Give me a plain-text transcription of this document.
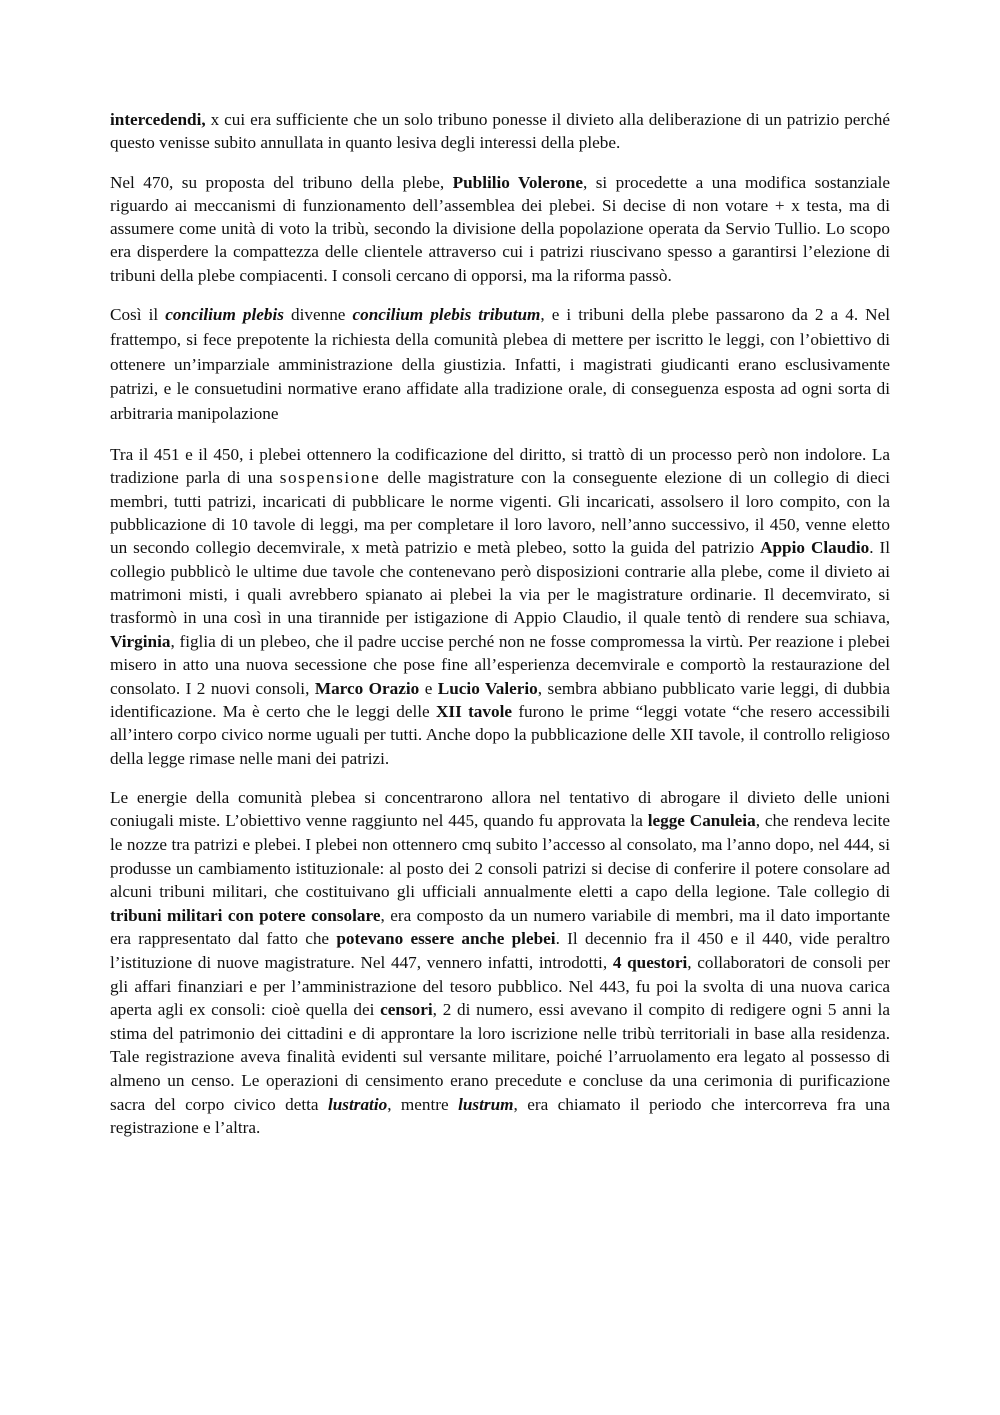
intercedendi, x cui era sufficiente che un solo tribuno ponesse il divieto alla deliberazione di un patrizio perché questo venisse subito annullata in quanto lesiva degli interessi della plebe.

Nel 470, su proposta del tribuno della plebe, Publilio Volerone, si procedette a una modifica sostanziale riguardo ai meccanismi di funzionamento dell’assemblea dei plebei. Si decise di non votare + x testa, ma di assumere come unità di voto la tribù, secondo la divisione della popolazione operata da Servio Tullio. Lo scopo era disperdere la compattezza delle clientele attraverso cui i patrizi riuscivano spesso a garantirsi l’elezione di tribuni della plebe compiacenti. I consoli cercano di opporsi, ma la riforma passò.

Così il concilium plebis divenne concilium plebis tributum, e i tribuni della plebe passarono da 2 a 4. Nel frattempo, si fece prepotente la richiesta della comunità plebea di mettere per iscritto le leggi, con l’obiettivo di ottenere un’imparziale amministrazione della giustizia. Infatti, i magistrati giudicanti erano esclusivamente patrizi, e le consuetudini normative erano affidate alla tradizione orale, di conseguenza esposta ad ogni sorta di arbitraria manipolazione

Tra il 451 e il 450, i plebei ottennero la codificazione del diritto, si trattò di un processo però non indolore. La tradizione parla di una sospensione delle magistrature con la conseguente elezione di un collegio di dieci membri, tutti patrizi, incaricati di pubblicare le norme vigenti. Gli incaricati, assolsero il loro compito, con la pubblicazione di 10 tavole di leggi, ma per completare il loro lavoro, nell’anno successivo, il 450, venne eletto un secondo collegio decemvirale, x metà patrizio e metà plebeo, sotto la guida del patrizio Appio Claudio. Il collegio pubblicò le ultime due tavole che contenevano però disposizioni contrarie alla plebe, come il divieto ai matrimoni misti, i quali avrebbero spianato ai plebei la via per le magistrature ordinarie. Il decemvirato, si trasformò in una così in una tirannide per istigazione di Appio Claudio, il quale tentò di rendere sua schiava, Virginia, figlia di un plebeo, che il padre uccise perché non ne fosse compromessa la virtù. Per reazione i plebei misero in atto una nuova secessione che pose fine all’esperienza decemvirale e comportò la restaurazione del consolato. I 2 nuovi consoli, Marco Orazio e Lucio Valerio, sembra abbiano pubblicato varie leggi, di dubbia identificazione. Ma è certo che le leggi delle XII tavole furono le prime “leggi votate “che resero accessibili all’intero corpo civico norme uguali per tutti. Anche dopo la pubblicazione delle XII tavole, il controllo religioso della legge rimase nelle mani dei patrizi.

Le energie della comunità plebea si concentrarono allora nel tentativo di abrogare il divieto delle unioni coniugali miste. L’obiettivo venne raggiunto nel 445, quando fu approvata la legge Canuleia, che rendeva lecite le nozze tra patrizi e plebei. I plebei non ottennero cmq subito l’accesso al consolato, ma l’anno dopo, nel 444, si produsse un cambiamento istituzionale: al posto dei 2 consoli patrizi si decise di conferire il potere consolare ad alcuni tribuni militari, che costituivano gli ufficiali annualmente eletti a capo della legione. Tale collegio di tribuni militari con potere consolare, era composto da un numero variabile di membri, ma il dato importante era rappresentato dal fatto che potevano essere anche plebei. Il decennio fra il 450 e il 440, vide peraltro l’istituzione di nuove magistrature. Nel 447, vennero infatti, introdotti, 4 questori, collaboratori de consoli per gli affari finanziari e per l’amministrazione del tesoro pubblico. Nel 443, fu poi la svolta di una nuova carica aperta agli ex consoli: cioè quella dei censori, 2 di numero, essi avevano il compito di redigere ogni 5 anni la stima del patrimonio dei cittadini e di approntare la loro iscrizione nelle tribù territoriali in base alla residenza. Tale registrazione aveva finalità evidenti sul versante militare, poiché l’arruolamento era legato al possesso di almeno un censo. Le operazioni di censimento erano precedute e concluse da una cerimonia di purificazione sacra del corpo civico detta lustratio, mentre lustrum, era chiamato il periodo che intercorreva fra una registrazione e l’altra.
